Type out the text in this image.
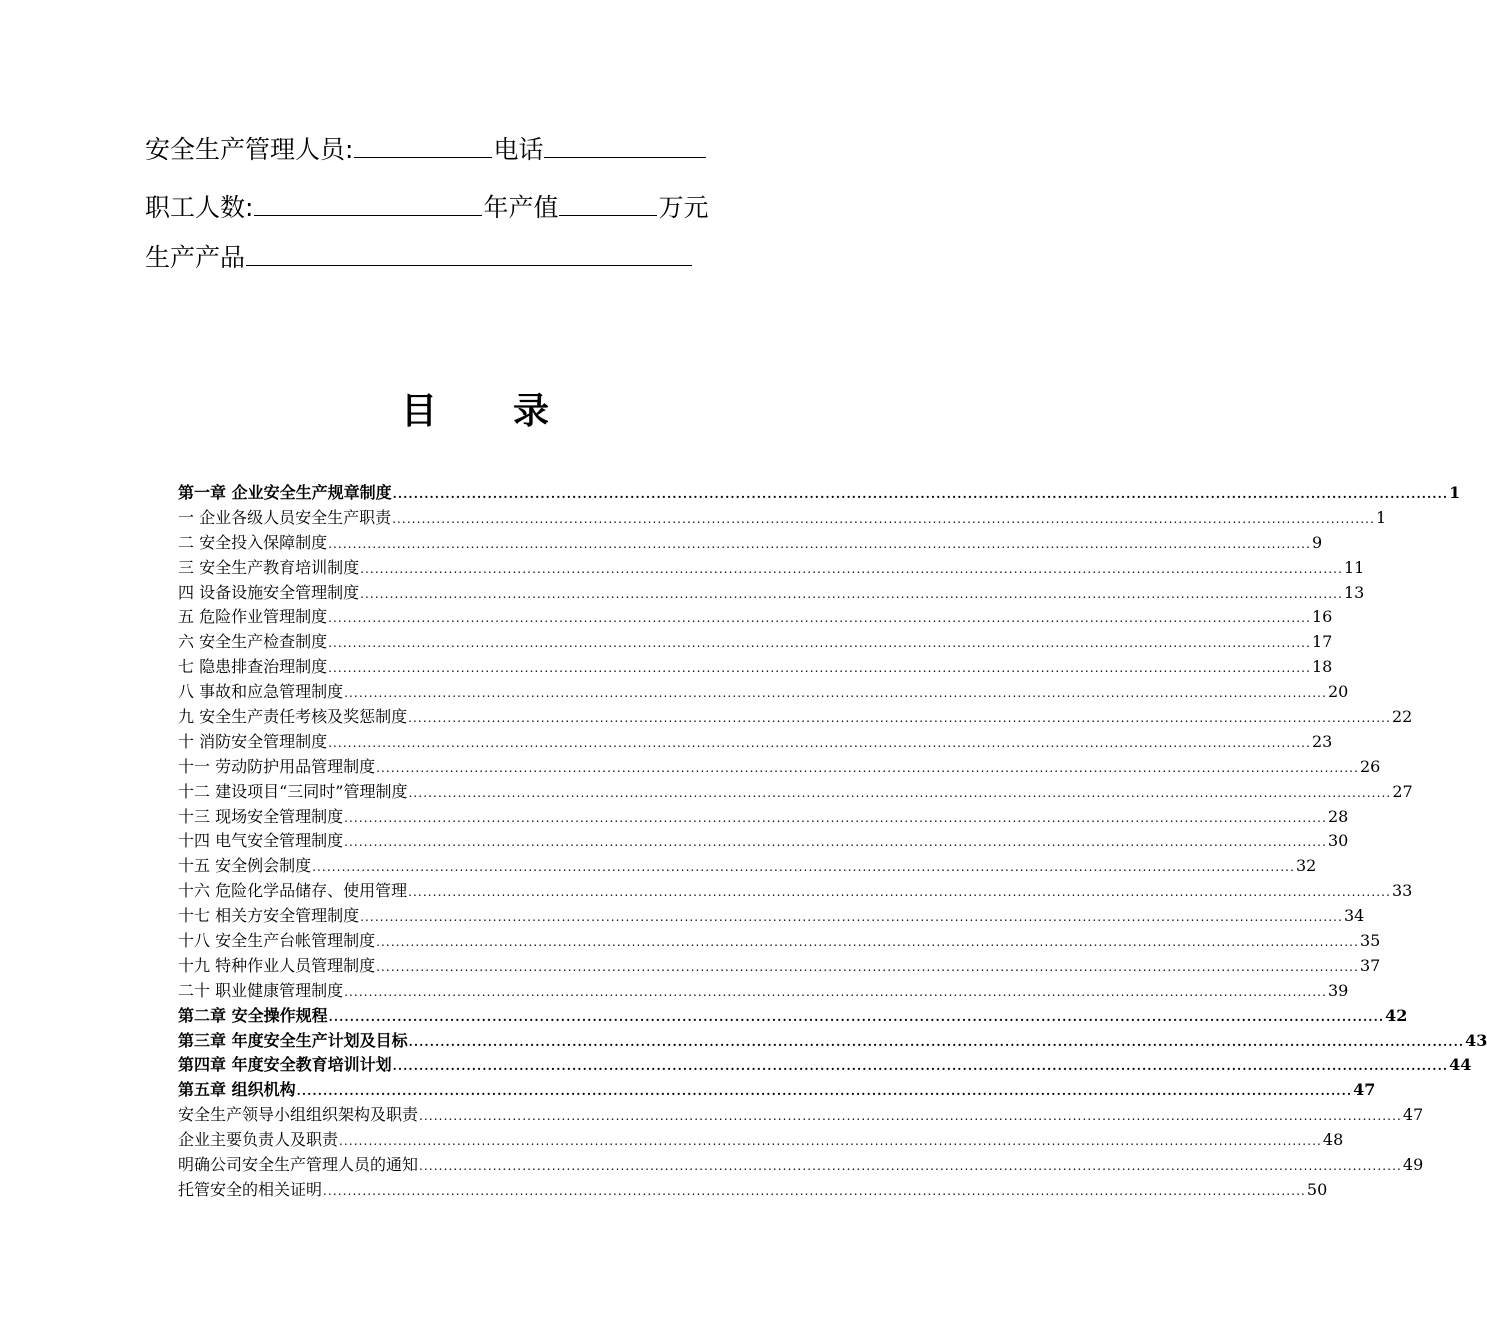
安全生产管理人员:	电话
职工人数:	年产值	万元
生产产品
目 录
第一章 企业安全生产规章制度 ........................................................................................................................................................................................................ 1
一 企业各级人员安全生产职责 ........................................................................................................................................................................................................ 1
二 安全投入保障制度 ........................................................................................................................................................................................................ 9
三 安全生产教育培训制度 ........................................................................................................................................................................................................ 11
四 设备设施安全管理制度 ........................................................................................................................................................................................................ 13
五 危险作业管理制度 ........................................................................................................................................................................................................ 16
六 安全生产检查制度 ........................................................................................................................................................................................................ 17
七 隐患排查治理制度 ........................................................................................................................................................................................................ 18
八 事故和应急管理制度 ........................................................................................................................................................................................................ 20
九 安全生产责任考核及奖惩制度 ........................................................................................................................................................................................................ 22
十 消防安全管理制度 ........................................................................................................................................................................................................ 23
十一 劳动防护用品管理制度 ........................................................................................................................................................................................................ 26
十二 建设项目“三同时”管理制度 ........................................................................................................................................................................................................ 27
十三 现场安全管理制度 ........................................................................................................................................................................................................ 28
十四 电气安全管理制度 ........................................................................................................................................................................................................ 30
十五 安全例会制度 ........................................................................................................................................................................................................ 32
十六 危险化学品储存、使用管理 ........................................................................................................................................................................................................ 33
十七 相关方安全管理制度 ........................................................................................................................................................................................................ 34
十八 安全生产台帐管理制度 ........................................................................................................................................................................................................ 35
十九 特种作业人员管理制度 ........................................................................................................................................................................................................ 37
二十 职业健康管理制度 ........................................................................................................................................................................................................ 39
第二章 安全操作规程 ........................................................................................................................................................................................................ 42
第三章 年度安全生产计划及目标 ........................................................................................................................................................................................................ 43
第四章 年度安全教育培训计划 ........................................................................................................................................................................................................ 44
第五章 组织机构 ........................................................................................................................................................................................................ 47
安全生产领导小组组织架构及职责 ........................................................................................................................................................................................................ 47
企业主要负责人及职责 ........................................................................................................................................................................................................ 48
明确公司安全生产管理人员的通知 ........................................................................................................................................................................................................ 49
托管安全的相关证明 ........................................................................................................................................................................................................ 50
